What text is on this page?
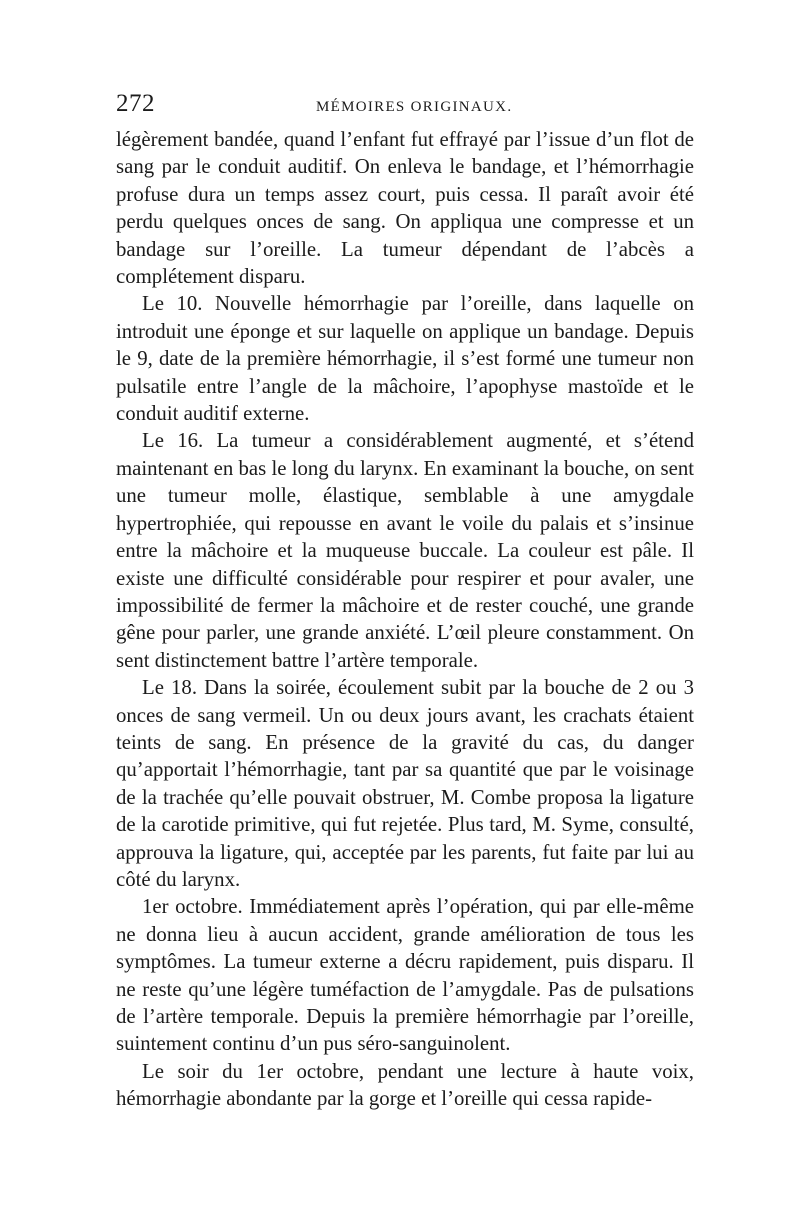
272	MÉMOIRES ORIGINAUX.

légèrement bandée, quand l’enfant fut effrayé par l’issue d’un flot de sang par le conduit auditif. On enleva le bandage, et l’hémorrhagie profuse dura un temps assez court, puis cessa. Il paraît avoir été perdu quelques onces de sang. On appliqua une compresse et un bandage sur l’oreille. La tumeur dépendant de l’abcès a complétement disparu.

Le 10. Nouvelle hémorrhagie par l’oreille, dans laquelle on introduit une éponge et sur laquelle on applique un bandage. Depuis le 9, date de la première hémorrhagie, il s’est formé une tumeur non pulsatile entre l’angle de la mâchoire, l’apophyse mastoïde et le conduit auditif externe.

Le 16. La tumeur a considérablement augmenté, et s’étend maintenant en bas le long du larynx. En examinant la bouche, on sent une tumeur molle, élastique, semblable à une amygdale hypertrophiée, qui repousse en avant le voile du palais et s’insinue entre la mâchoire et la muqueuse buccale. La couleur est pâle. Il existe une difficulté considérable pour respirer et pour avaler, une impossibilité de fermer la mâchoire et de rester couché, une grande gêne pour parler, une grande anxiété. L’œil pleure constamment. On sent distinctement battre l’artère temporale.

Le 18. Dans la soirée, écoulement subit par la bouche de 2 ou 3 onces de sang vermeil. Un ou deux jours avant, les crachats étaient teints de sang. En présence de la gravité du cas, du danger qu’apportait l’hémorrhagie, tant par sa quantité que par le voisinage de la trachée qu’elle pouvait obstruer, M. Combe proposa la ligature de la carotide primitive, qui fut rejetée. Plus tard, M. Syme, consulté, approuva la ligature, qui, acceptée par les parents, fut faite par lui au côté du larynx.

1er octobre. Immédiatement après l’opération, qui par elle-même ne donna lieu à aucun accident, grande amélioration de tous les symptômes. La tumeur externe a décru rapidement, puis disparu. Il ne reste qu’une légère tuméfaction de l’amygdale. Pas de pulsations de l’artère temporale. Depuis la première hémorrhagie par l’oreille, suintement continu d’un pus séro-sanguinolent.

Le soir du 1er octobre, pendant une lecture à haute voix, hémorrhagie abondante par la gorge et l’oreille qui cessa rapide-
